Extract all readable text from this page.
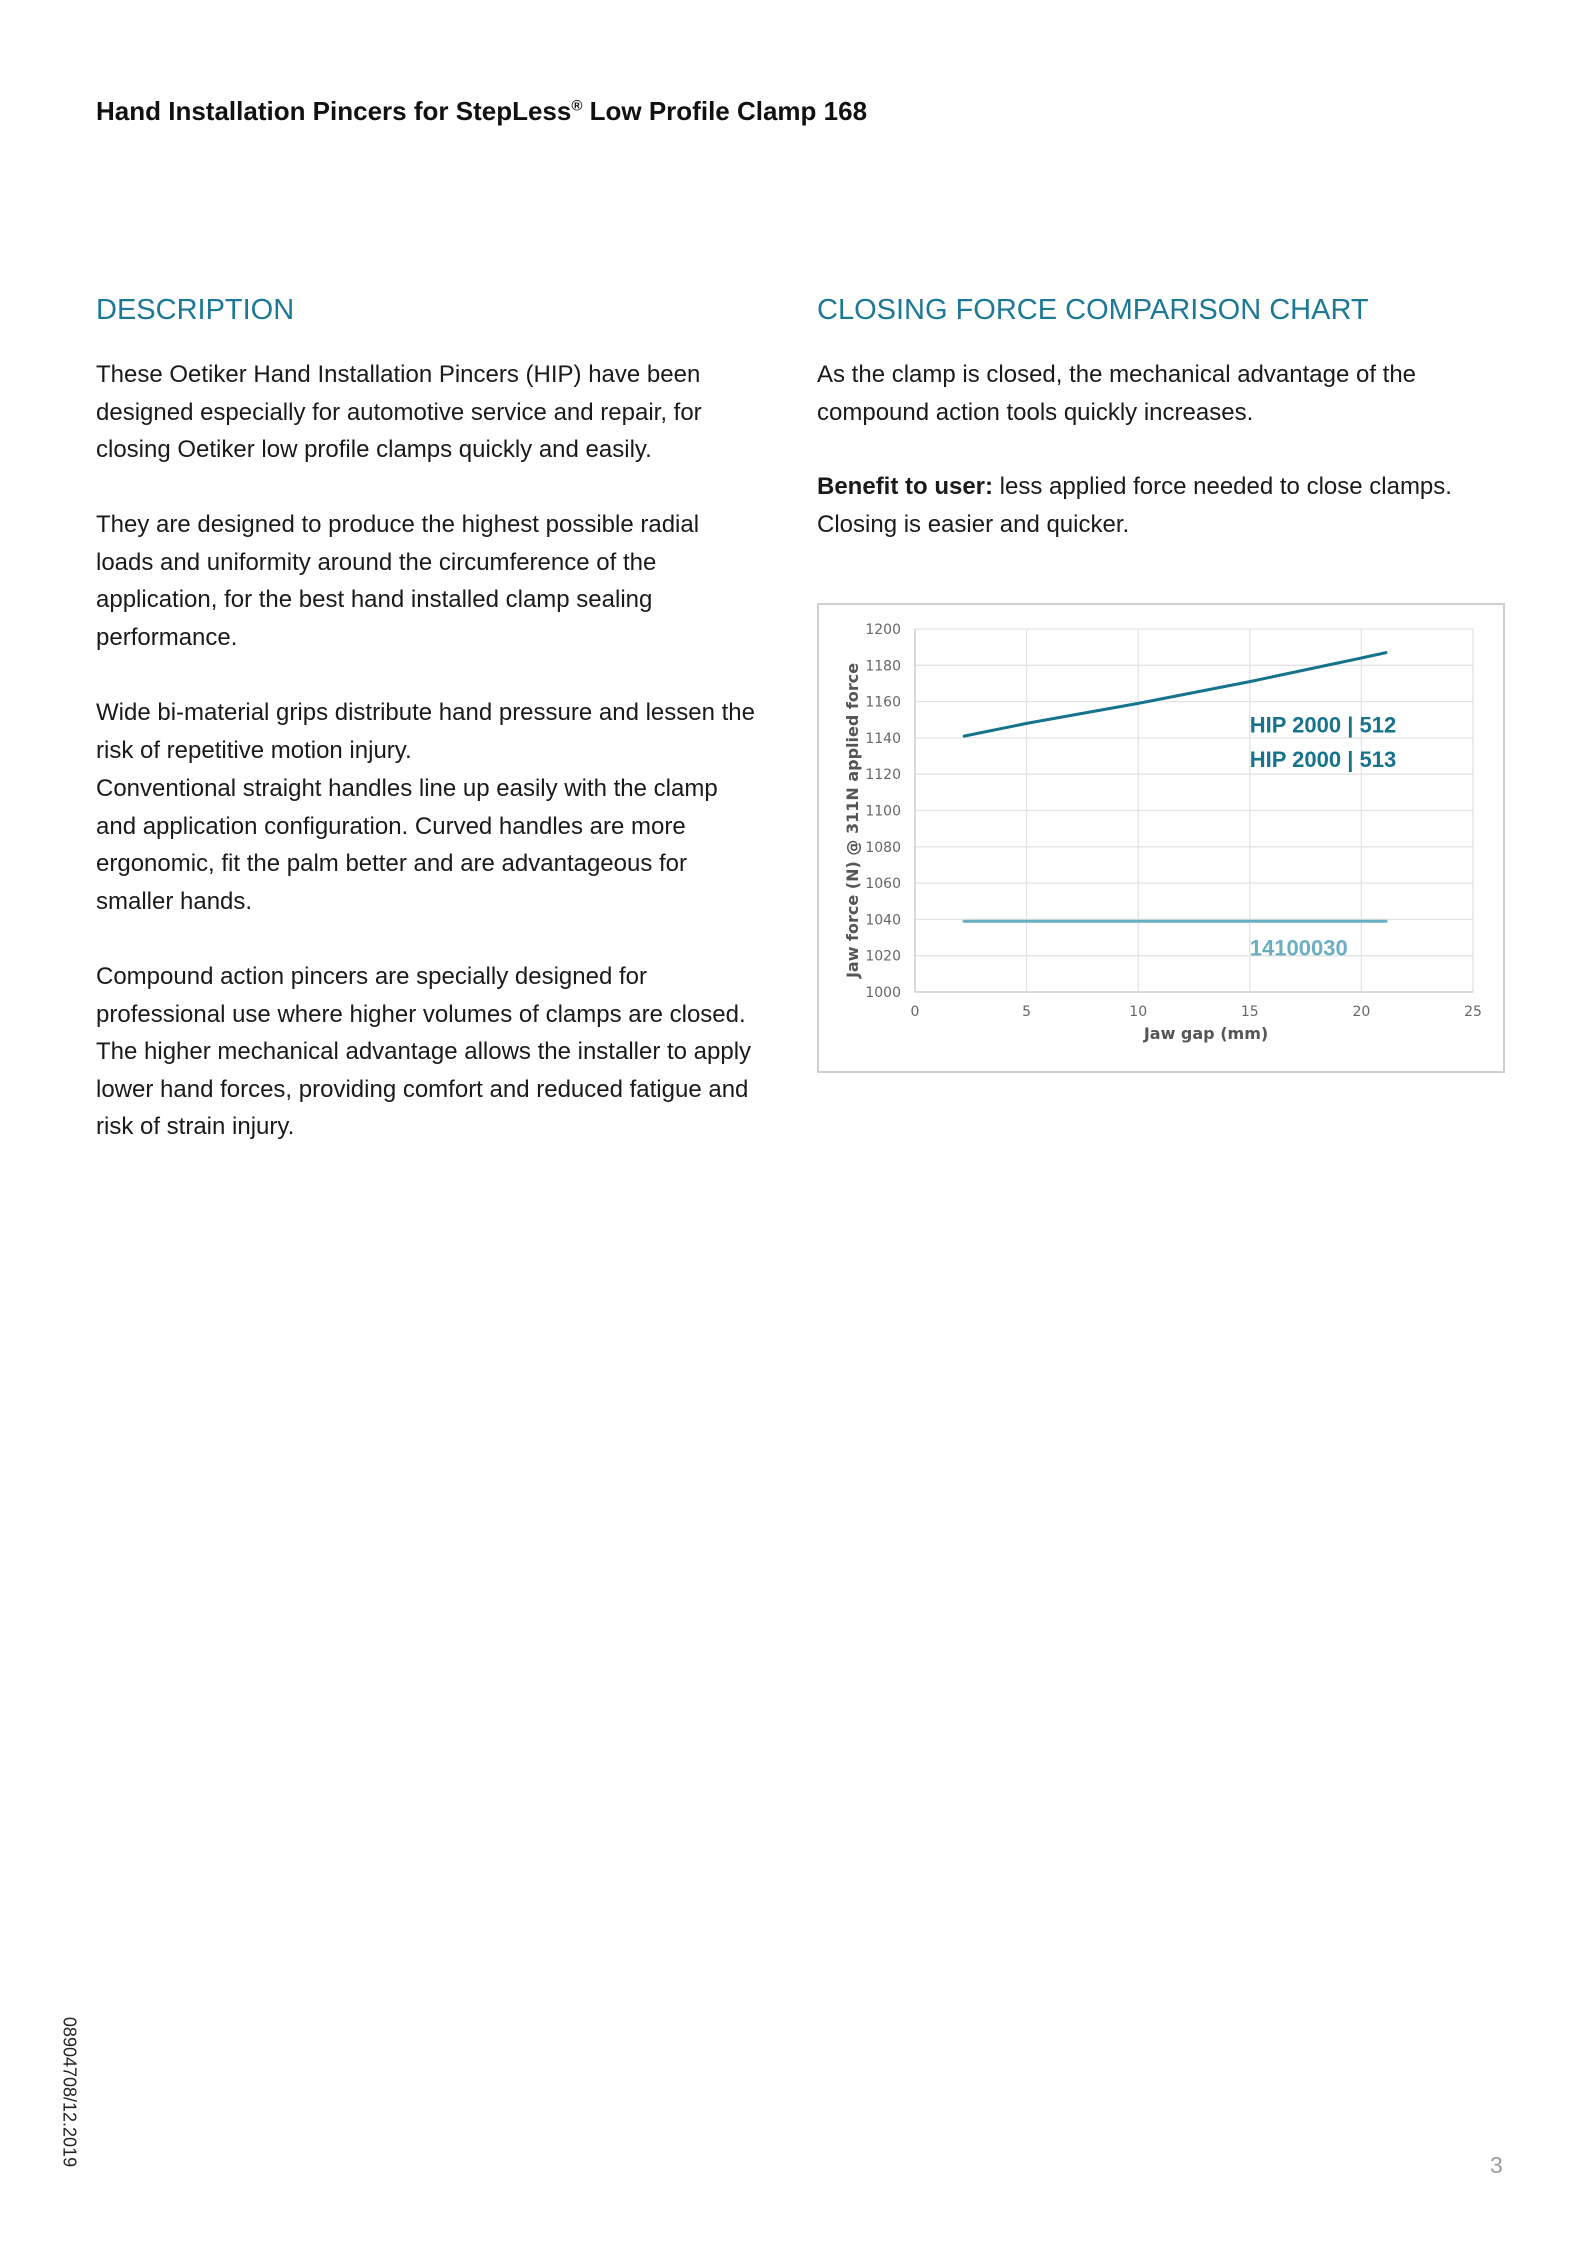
Hand Installation Pincers for StepLess® Low Profile Clamp 168
DESCRIPTION

These Oetiker Hand Installation Pincers (HIP) have been designed especially for automotive service and repair, for closing Oetiker low profile clamps quickly and easily.

They are designed to produce the highest possible radial loads and uniformity around the circumference of the application, for the best hand installed clamp sealing performance.

Wide bi-material grips distribute hand pressure and lessen the risk of repetitive motion injury.

Conventional straight handles line up easily with the clamp and application configuration. Curved handles are more ergonomic, fit the palm better and are advantageous for smaller hands.

Compound action pincers are specially designed for professional use where higher volumes of clamps are closed. The higher mechanical advantage allows the installer to apply lower hand forces, providing comfort and reduced fatigue and risk of strain injury.

CLOSING FORCE COMPARISON CHART

As the clamp is closed, the mechanical advantage of the compound action tools quickly increases.

Benefit to user: less applied force needed to close clamps. Closing is easier and quicker.

1000
1020
1040
1060
1080
1100
1120
1140
1160
1180
1200
0	5	10	15	20	25
Jaw gap (mm)
Jaw force (N) @ 311N applied force	HIP 2000 | 512
HIP 2000 | 513
14100030
08904708/12.2019	3
